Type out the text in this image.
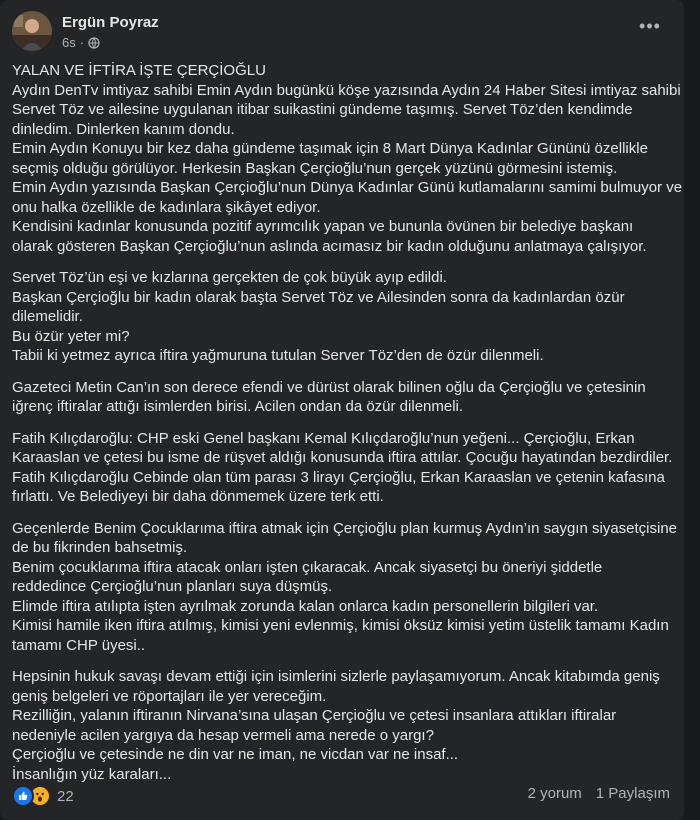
Ergün Poyraz
6s ·
•••

YALAN VE İFTİRA İŞTE ÇERÇİOĞLU
Aydın DenTv imtiyaz sahibi Emin Aydın bugünkü köşe yazısında Aydın 24 Haber Sitesi imtiyaz sahibi
Servet Töz ve ailesine uygulanan itibar suikastini gündeme taşımış. Servet Töz’den kendimde
dinledim. Dinlerken kanım dondu.
Emin Aydın Konuyu bir kez daha gündeme taşımak için 8 Mart Dünya Kadınlar Gününü özellikle
seçmiş olduğu görülüyor. Herkesin Başkan Çerçioğlu’nun gerçek yüzünü görmesini istemiş.
Emin Aydın yazısında Başkan Çerçioğlu’nun Dünya Kadınlar Günü kutlamalarını samimi bulmuyor ve
onu halka özellikle de kadınlara şikâyet ediyor.
Kendisini kadınlar konusunda pozitif ayrımcılık yapan ve bununla övünen bir belediye başkanı
olarak gösteren Başkan Çerçioğlu’nun aslında acımasız bir kadın olduğunu anlatmaya çalışıyor.

Servet Töz’ün eşi ve kızlarına gerçekten de çok büyük ayıp edildi.
Başkan Çerçioğlu bir kadın olarak başta Servet Töz ve Ailesinden sonra da kadınlardan özür
dilemelidir.
Bu özür yeter mi?
Tabii ki yetmez ayrıca iftira yağmuruna tutulan Server Töz’den de özür dilenmeli.

Gazeteci Metin Can’ın son derece efendi ve dürüst olarak bilinen oğlu da Çerçioğlu ve çetesinin
iğrenç iftiralar attığı isimlerden birisi. Acilen ondan da özür dilenmeli.

Fatih Kılıçdaroğlu: CHP eski Genel başkanı Kemal Kılıçdaroğlu’nun yeğeni... Çerçioğlu, Erkan
Karaaslan ve çetesi bu isme de rüşvet aldığı konusunda iftira attılar. Çocuğu hayatından bezdirdiler.
Fatih Kılıçdaroğlu Cebinde olan tüm parası 3 lirayı Çerçioğlu, Erkan Karaaslan ve çetenin kafasına
fırlattı. Ve Belediyeyi bir daha dönmemek üzere terk etti.

Geçenlerde Benim Çocuklarıma iftira atmak için Çerçioğlu plan kurmuş Aydın’ın saygın siyasetçisine
de bu fikrinden bahsetmiş.
Benim çocuklarıma iftira atacak onları işten çıkaracak. Ancak siyasetçi bu öneriyi şiddetle
reddedince Çerçioğlu’nun planları suya düşmüş.
Elimde iftira atılıpta işten ayrılmak zorunda kalan onlarca kadın personellerin bilgileri var.
Kimisi hamile iken iftira atılmış, kimisi yeni evlenmiş, kimisi öksüz kimisi yetim üstelik tamamı Kadın
tamamı CHP üyesi..

Hepsinin hukuk savaşı devam ettiği için isimlerini sizlerle paylaşamıyorum. Ancak kitabımda geniş
geniş belgeleri ve röportajları ile yer vereceğim.
Rezilliğin, yalanın iftiranın Nirvana’sına ulaşan Çerçioğlu ve çetesi insanlara attıkları iftiralar
nedeniyle acilen yargıya da hesap vermeli ama nerede o yargı?
Çerçioğlu ve çetesinde ne din var ne iman, ne vicdan var ne insaf...
İnsanlığın yüz karaları...

22	2 yorum 1 Paylaşım
